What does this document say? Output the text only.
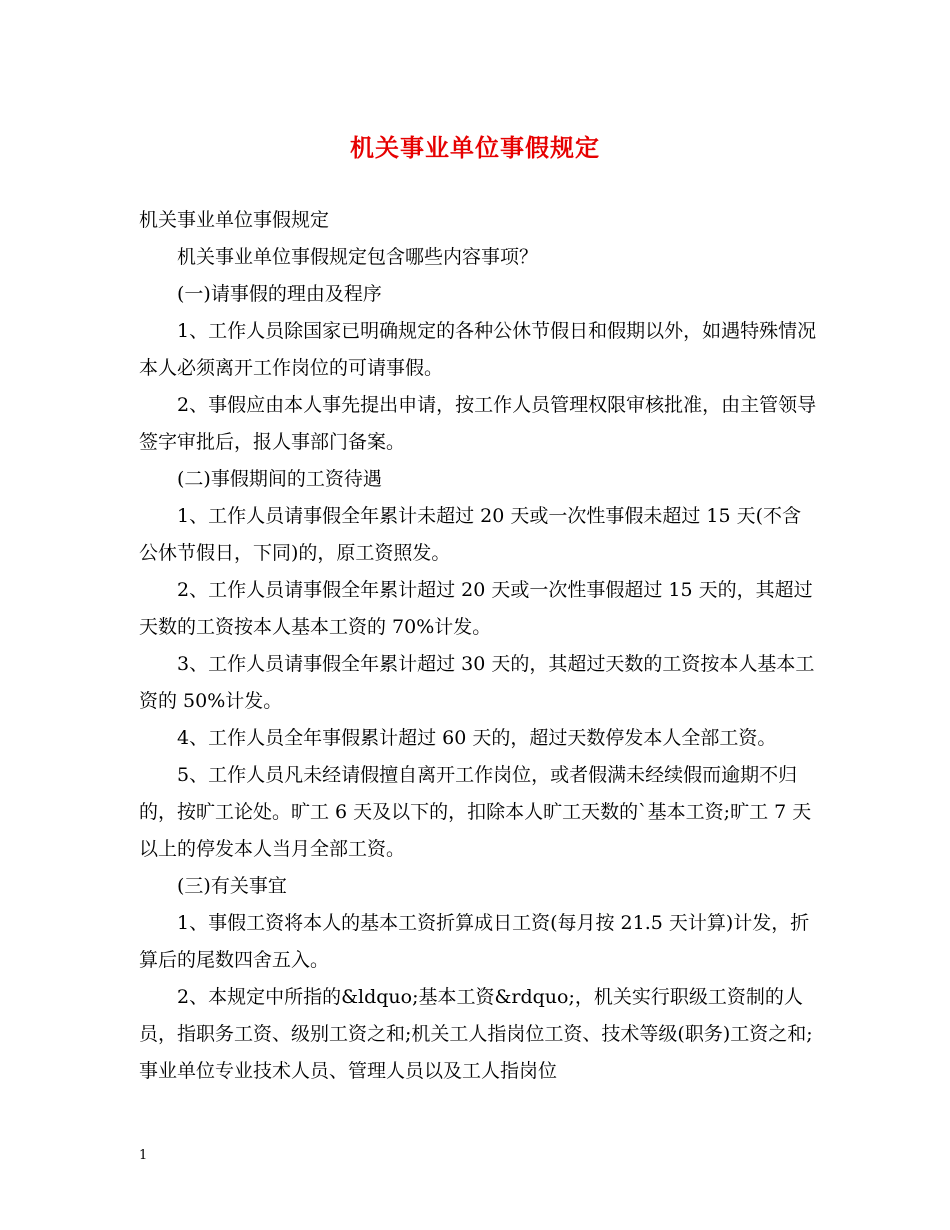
机关事业单位事假规定

机关事业单位事假规定

机关事业单位事假规定包含哪些内容事项？

(一)请事假的理由及程序

1、工作人员除国家已明确规定的各种公休节假日和假期以外，如遇特殊情况本人必须离开工作岗位的可请事假。

2、事假应由本人事先提出申请，按工作人员管理权限审核批准，由主管领导签字审批后，报人事部门备案。

(二)事假期间的工资待遇

1、工作人员请事假全年累计未超过 20 天或一次性事假未超过 15 天(不含公休节假日，下同)的，原工资照发。

2、工作人员请事假全年累计超过 20 天或一次性事假超过 15 天的，其超过天数的工资按本人基本工资的 70%计发。

3、工作人员请事假全年累计超过 30 天的，其超过天数的工资按本人基本工资的 50%计发。

4、工作人员全年事假累计超过 60 天的，超过天数停发本人全部工资。

5、工作人员凡未经请假擅自离开工作岗位，或者假满未经续假而逾期不归的，按旷工论处。旷工 6 天及以下的，扣除本人旷工天数的`基本工资;旷工 7 天以上的停发本人当月全部工资。

(三)有关事宜

1、事假工资将本人的基本工资折算成日工资(每月按 21.5 天计算)计发，折算后的尾数四舍五入。

2、本规定中所指的&ldquo;基本工资&rdquo;，机关实行职级工资制的人员，指职务工资、级别工资之和;机关工人指岗位工资、技术等级(职务)工资之和;事业单位专业技术人员、管理人员以及工人指岗位

1
